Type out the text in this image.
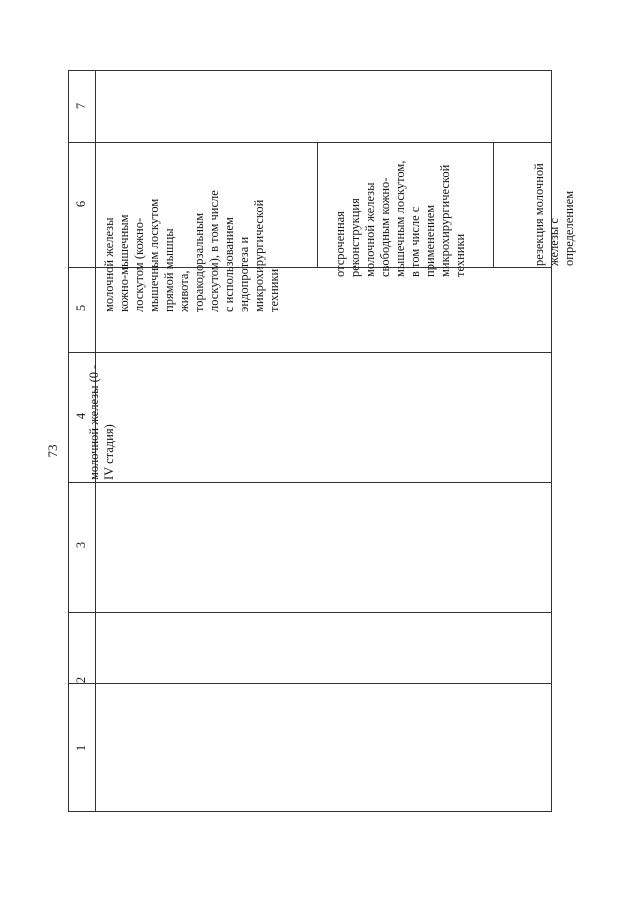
73
1
2
3
4
5
6
7
молочной железы (0 - IV стадия)
молочной железы кожно-мышечным лоскутом (кожно-мышечным лоскутом прямой мышцы живота, торакодорзальным лоскутом), в том числе с использованием эндопротеза и микрохирургической техники
отсроченная реконструкция молочной железы свободным кожно-мышечным лоскутом, в том числе с применением микрохирургической техники	резекция молочной железы с определением
